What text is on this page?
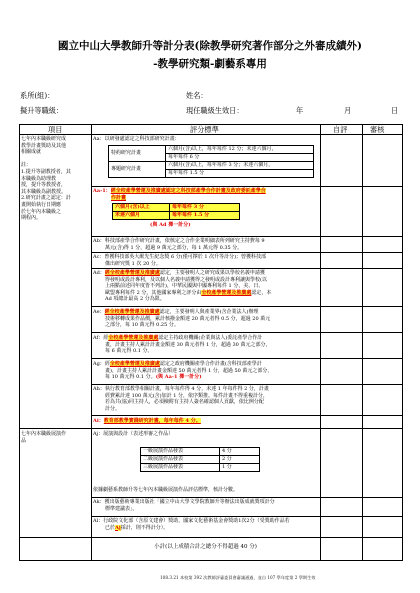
國立中山大學教師升等計分表(除教學研究著作部分之外審成績外)
-教學研究類-劇藝系專用
系所(組)：	姓名：
擬升等職級：	現任職級生效日：	年	月	日
項目	評分標準	自評	審核
七年內本職級研究成
教學計畫獎助及其他
相關成就
註：
1.提升等副教授者，其
本職級為助理教
授，提升等教授者，
其本職級為副教授。
2.研究計畫之認定：計
畫開始執行日期應
於七年內本職級之
期程內。
Aa：以研發處認定之科技部研究計畫：
特約研究計畫	六個月(含)以上，每年每件 12 分；未達六個月，
	每年每件 6 分
專題研究計畫	六個月(含)以上，每年每件 3 分；未達六個月，
	每年每件 1.5 分
Aa-1：經全校產學營運及推廣處認定之科技部產學合作計畫及政府委託產學合
作計畫
六個月(含)以上	每年每件 3 分
未達六個月	每年每件 1.5 分
(與 Ad 擇一計分)
Ab：科技部產學合作研究計畫，依核定之合作企業明細表所列研究主持費每 9
萬元(含)得 1 分，超過 9 萬元之部分，每 1 萬元得 0.35 分。
Ac：曾獲科技部吳大猷先生紀念獎 6 分(僅可擇於 1 次升等計分)；曾獲科技部
傑出研究獎 1 次 20 分。
Ad：經全校產學營運及推廣處認定，主要發明人之研究成果以學校名義申請獲
得發明或設計專利，及以個人名義申請獲得之發明或設計專利讓與學校(以
上兩點前述同年度皆不列計)，中華民國與中國專利每件 1 分，美、日、
歐盟專利每件 2 分，其他國家專利之評分由全校產學營運及推廣處認定，本
Ad 項總計最高 2 分為限。
Ae：經全校產學營運及推廣處認定，主要發明人與產業界(含企業法人)辦理
技術移轉成果作品價，累計核撥金額達 20 萬元者得 0.5 分，超過 20 萬元
之部分，每 10 萬元得 0.25 分。
Af：經全校產學營運及推廣處認定主持政府機關(企業與法人)委託產學合作計
畫，計畫主持人累計計畫金額達 30 萬元者得 1 分，超過 30 萬元之部分，
每 6 萬元得 0.1 分。
Ag：經全校產學營運及推廣處認定之政府機關產學合作計畫(含科技部產學計
畫)，計畫主持人累計計畫金額達 50 萬元者得 1 分，超過 50 萬元之部分，
每 10 萬元得 0.1 分。(與 Aa-1 擇一計分)
Ah：執行教育部教學相關計畫，每年每件得 4 分，未達 1 年每件得 2 分，計畫
經費累計達 100 萬元(含)加計 1 分，依序類推。每件計畫不得重複計分，
若為共(協)同主持人，必須檢附有主持人簽名確認個人貢獻，依比例分配
計分。
Ai：教育部教學實踐研究計畫，每年每件 4 分。
七年內本職級展演作
品
Aj：展演與設計（表述形審之作品）
一級展演作品發表	4 分
二級展演作品發表	2 分
三級展演作品發表	1 分
依據劇藝系教師升等七年內本職級展演作品評估標準，核計分數。
Ak：獲出版藝術專業出版社「國立中山大學文學院教師升等辦法出版成就獎項計分
標準建議表」。
Al：行政院文化部（含原文建會）獎助，國家文化藝術基金會獎助1次2分（受獎助作品若
已於Aj採計，則不得計分）。
小計(以上成積合計之總分不得超過 40 分)
108.3.21 本校第 392 次教師評審委員會審議通過，並自 107 學年度第 2 學期生效
